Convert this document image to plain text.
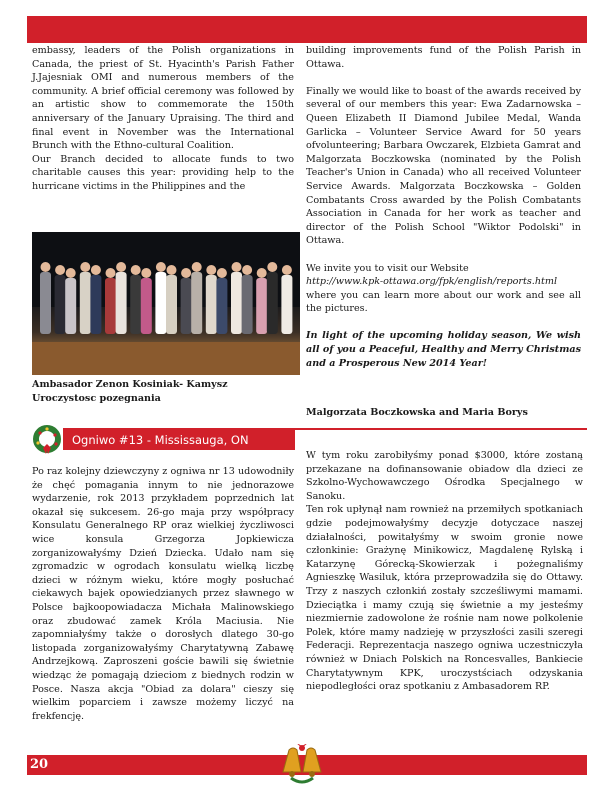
embassy, leaders of the Polish organizations in Canada, the priest of St. Hyacinth's Parish Father J.Jajesniak OMI and numerous members of the community. A brief official ceremony was followed by an artistic show to commemorate the 150th anniversary of the January Upraising. The third and final event in November was the International Brunch with the Ethno-cultural Coalition.

Our Branch decided to allocate funds to two charitable causes this year: providing help to the hurricane victims in the Philippines and the

Ambasador Zenon Kosiniak- Kamysz
Uroczystosc pozegnania

building improvements fund of the Polish Parish in Ottawa.

Finally we would like to boast of the awards received by several of our members this year: Ewa Zadarnowska – Queen Elizabeth II Diamond Jubilee Medal, Wanda Garlicka – Volunteer Service Award for 50 years ofvolunteering; Barbara Owczarek, Elzbieta Gamrat and Malgorzata Boczkowska (nominated by the Polish Teacher's Union in Canada) who all received Volunteer Service Awards. Malgorzata Boczkowska – Golden Combatants Cross awarded by the Polish Combatants Association in Canada for her work as teacher and director of the Polish School "Wiktor Podolski" in Ottawa.

We invite you to visit our Website
http://www.kpk-ottawa.org/fpk/english/reports.html
where you can learn more about our work and see all the pictures.

In light of the upcoming holiday season, We wish all of you a Peaceful, Healthy and Merry Christmas and a Prosperous New 2014 Year!

Malgorzata Boczkowska and Maria Borys
Ogniwo #13 - Mississauga, ON

Po raz kolejny dziewczyny z ogniwa nr 13 udowodniły że chęć pomagania innym to nie jednorazowe wydarzenie, rok 2013 przykładem poprzednich lat okazał się sukcesem. 26-go maja przy współpracy Konsulatu Generalnego RP oraz wielkiej życzliwosci wice konsula Grzegorza Jopkiewicza zorganizowałyśmy Dzień Dziecka. Udało nam się zgromadzic w ogrodach konsulatu wielką liczbę dzieci w różnym wieku, które mogły posłuchać ciekawych bajek opowiedzianych przez sławnego w Polsce bajkoopowiadacza Michała Malinowskiego oraz zbudować zamek Króla Maciusia. Nie zapomniałyśmy także o dorosłych dlatego 30-go listopada zorganizowałyśmy Charytatywną Zabawę Andrzejkową. Zaproszeni goście bawili się świetnie wiedząc że pomagają dzieciom z biednych rodzin w Posce. Nasza akcja "Obiad za dolara" cieszy się wielkim poparciem i zawsze możemy liczyć na frekfencję.

W tym roku zarobiłyśmy ponad $3000, które zostaną przekazane na dofinansowanie obiadow dla dzieci ze Szkolno-Wychowawczego Ośrodka Specjalnego w Sanoku.

Ten rok upłynął nam rownież na przemiłych spotkaniach gdzie podejmowałyśmy decyzje dotyczace naszej działalności, powitałyśmy w swoim gronie nowe członkinie: Grażynę Minikowicz, Magdalenę Rylską i Katarzynę Górecką-Skowierzak i pożegnaliśmy Agnieszkę Wasiluk, która przeprowadziła się do Ottawy. Trzy z naszych członkiń zostały szcześliwymi mamami. Dzieciątka i mamy czują się świetnie a my jesteśmy niezmiernie zadowolone że rośnie nam nowe polkolenie Polek, które mamy nadzieję w przyszłości zasili szeregi Federacji. Reprezentacja naszego ogniwa uczestniczyła również w Dniach Polskich na Roncesvalles, Bankiecie Charytatywnym KPK, uroczystściach odzyskania niepodległości oraz spotkaniu z Ambasadorem RP.

20
